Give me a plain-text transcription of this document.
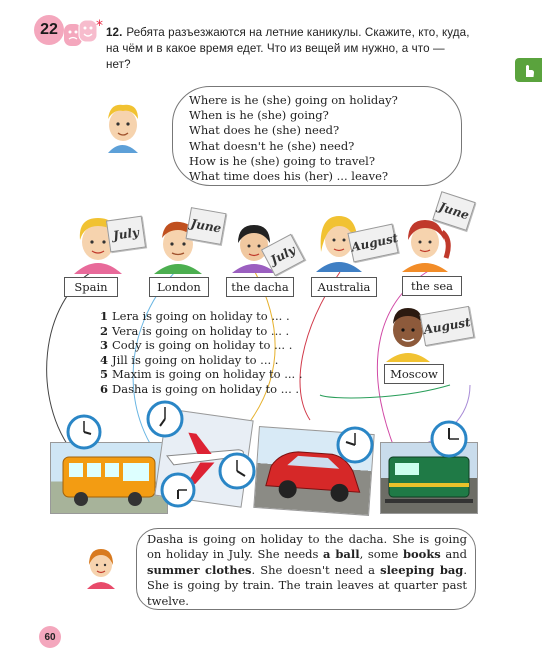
22	* 12. Ребята разъезжаются на летние каникулы. Скажите, кто, куда, на чём и в какое время едет. Что из вещей им нужно, а что — нет?
Where is he (she) going on holiday?
When is he (she) going?
What does he (she) need?
What doesn't he (she) need?
How is he (she) going to travel?
What time does his (her) ... leave?
July	June
July
August
June
August
Spain	London	the dacha	Australia	the sea
Moscow
1 Lera is going on holiday to ... .
2 Vera is going on holiday to ... .
3 Cody is going on holiday to ... .
4 Jill is going on holiday to ... .
5 Maxim is going on holiday to ... .
6 Dasha is going on holiday to ... .

Dasha is going on holiday to the dacha. She is going on holiday in July. She needs a ball, some books and summer clothes. She doesn't need a sleeping bag. She is going by train. The train leaves at quarter past twelve.

60
